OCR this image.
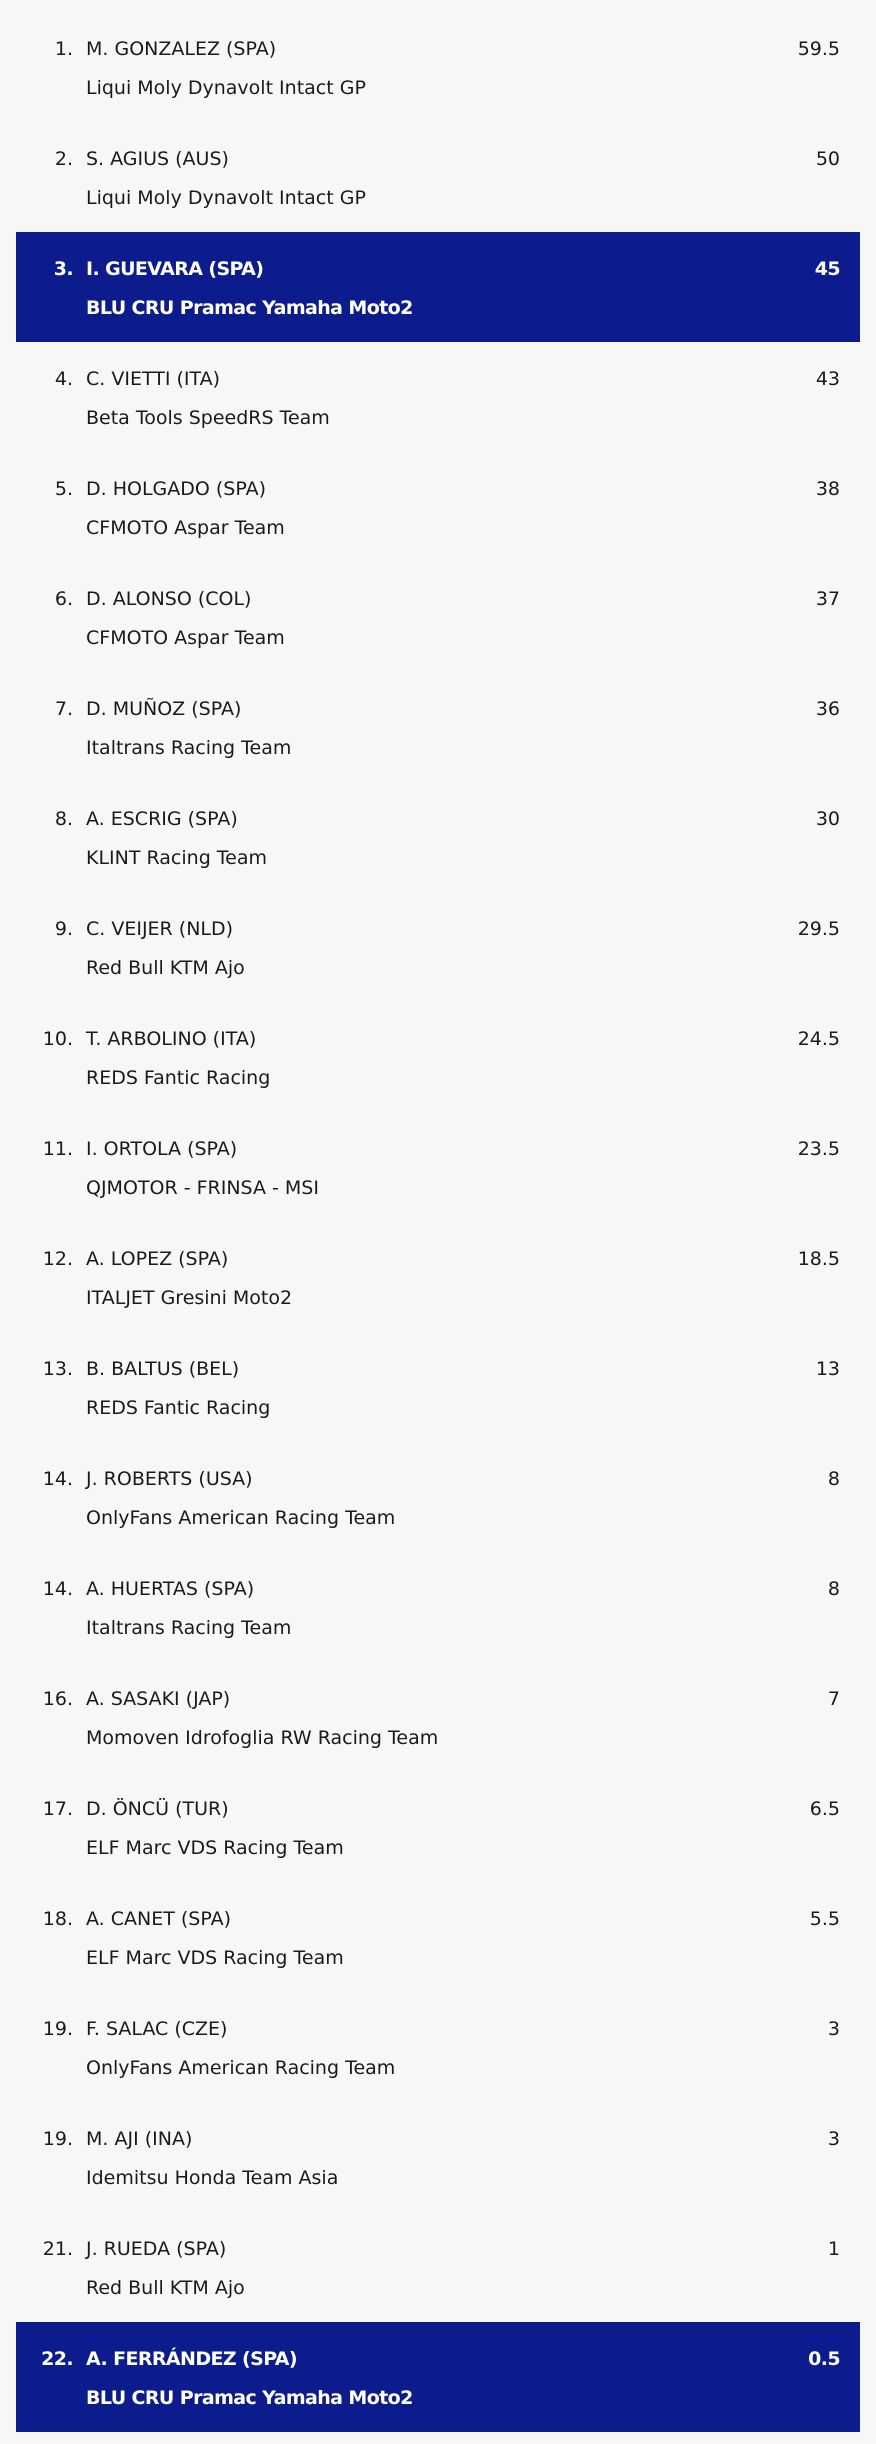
1. M. GONZALEZ (SPA)
Liqui Moly Dynavolt Intact GP
59.5
2. S. AGIUS (AUS)
Liqui Moly Dynavolt Intact GP
50
3. I. GUEVARA (SPA)
BLU CRU Pramac Yamaha Moto2
45
4. C. VIETTI (ITA)
Beta Tools SpeedRS Team
43
5. D. HOLGADO (SPA)
CFMOTO Aspar Team
38
6. D. ALONSO (COL)
CFMOTO Aspar Team
37
7. D. MUÑOZ (SPA)
Italtrans Racing Team
36
8. A. ESCRIG (SPA)
KLINT Racing Team
30
9. C. VEIJER (NLD)
Red Bull KTM Ajo
29.5
10. T. ARBOLINO (ITA)
REDS Fantic Racing
24.5
11. I. ORTOLA (SPA)
QJMOTOR - FRINSA - MSI
23.5
12. A. LOPEZ (SPA)
ITALJET Gresini Moto2
18.5
13. B. BALTUS (BEL)
REDS Fantic Racing
13
14. J. ROBERTS (USA)
OnlyFans American Racing Team
8
14. A. HUERTAS (SPA)
Italtrans Racing Team
8
16. A. SASAKI (JAP)
Momoven Idrofoglia RW Racing Team
7
17. D. ÖNCÜ (TUR)
ELF Marc VDS Racing Team
6.5
18. A. CANET (SPA)
ELF Marc VDS Racing Team
5.5
19. F. SALAC (CZE)
OnlyFans American Racing Team
3
19. M. AJI (INA)
Idemitsu Honda Team Asia
3
21. J. RUEDA (SPA)
Red Bull KTM Ajo
1
22. A. FERRÁNDEZ (SPA)
BLU CRU Pramac Yamaha Moto2
0.5
